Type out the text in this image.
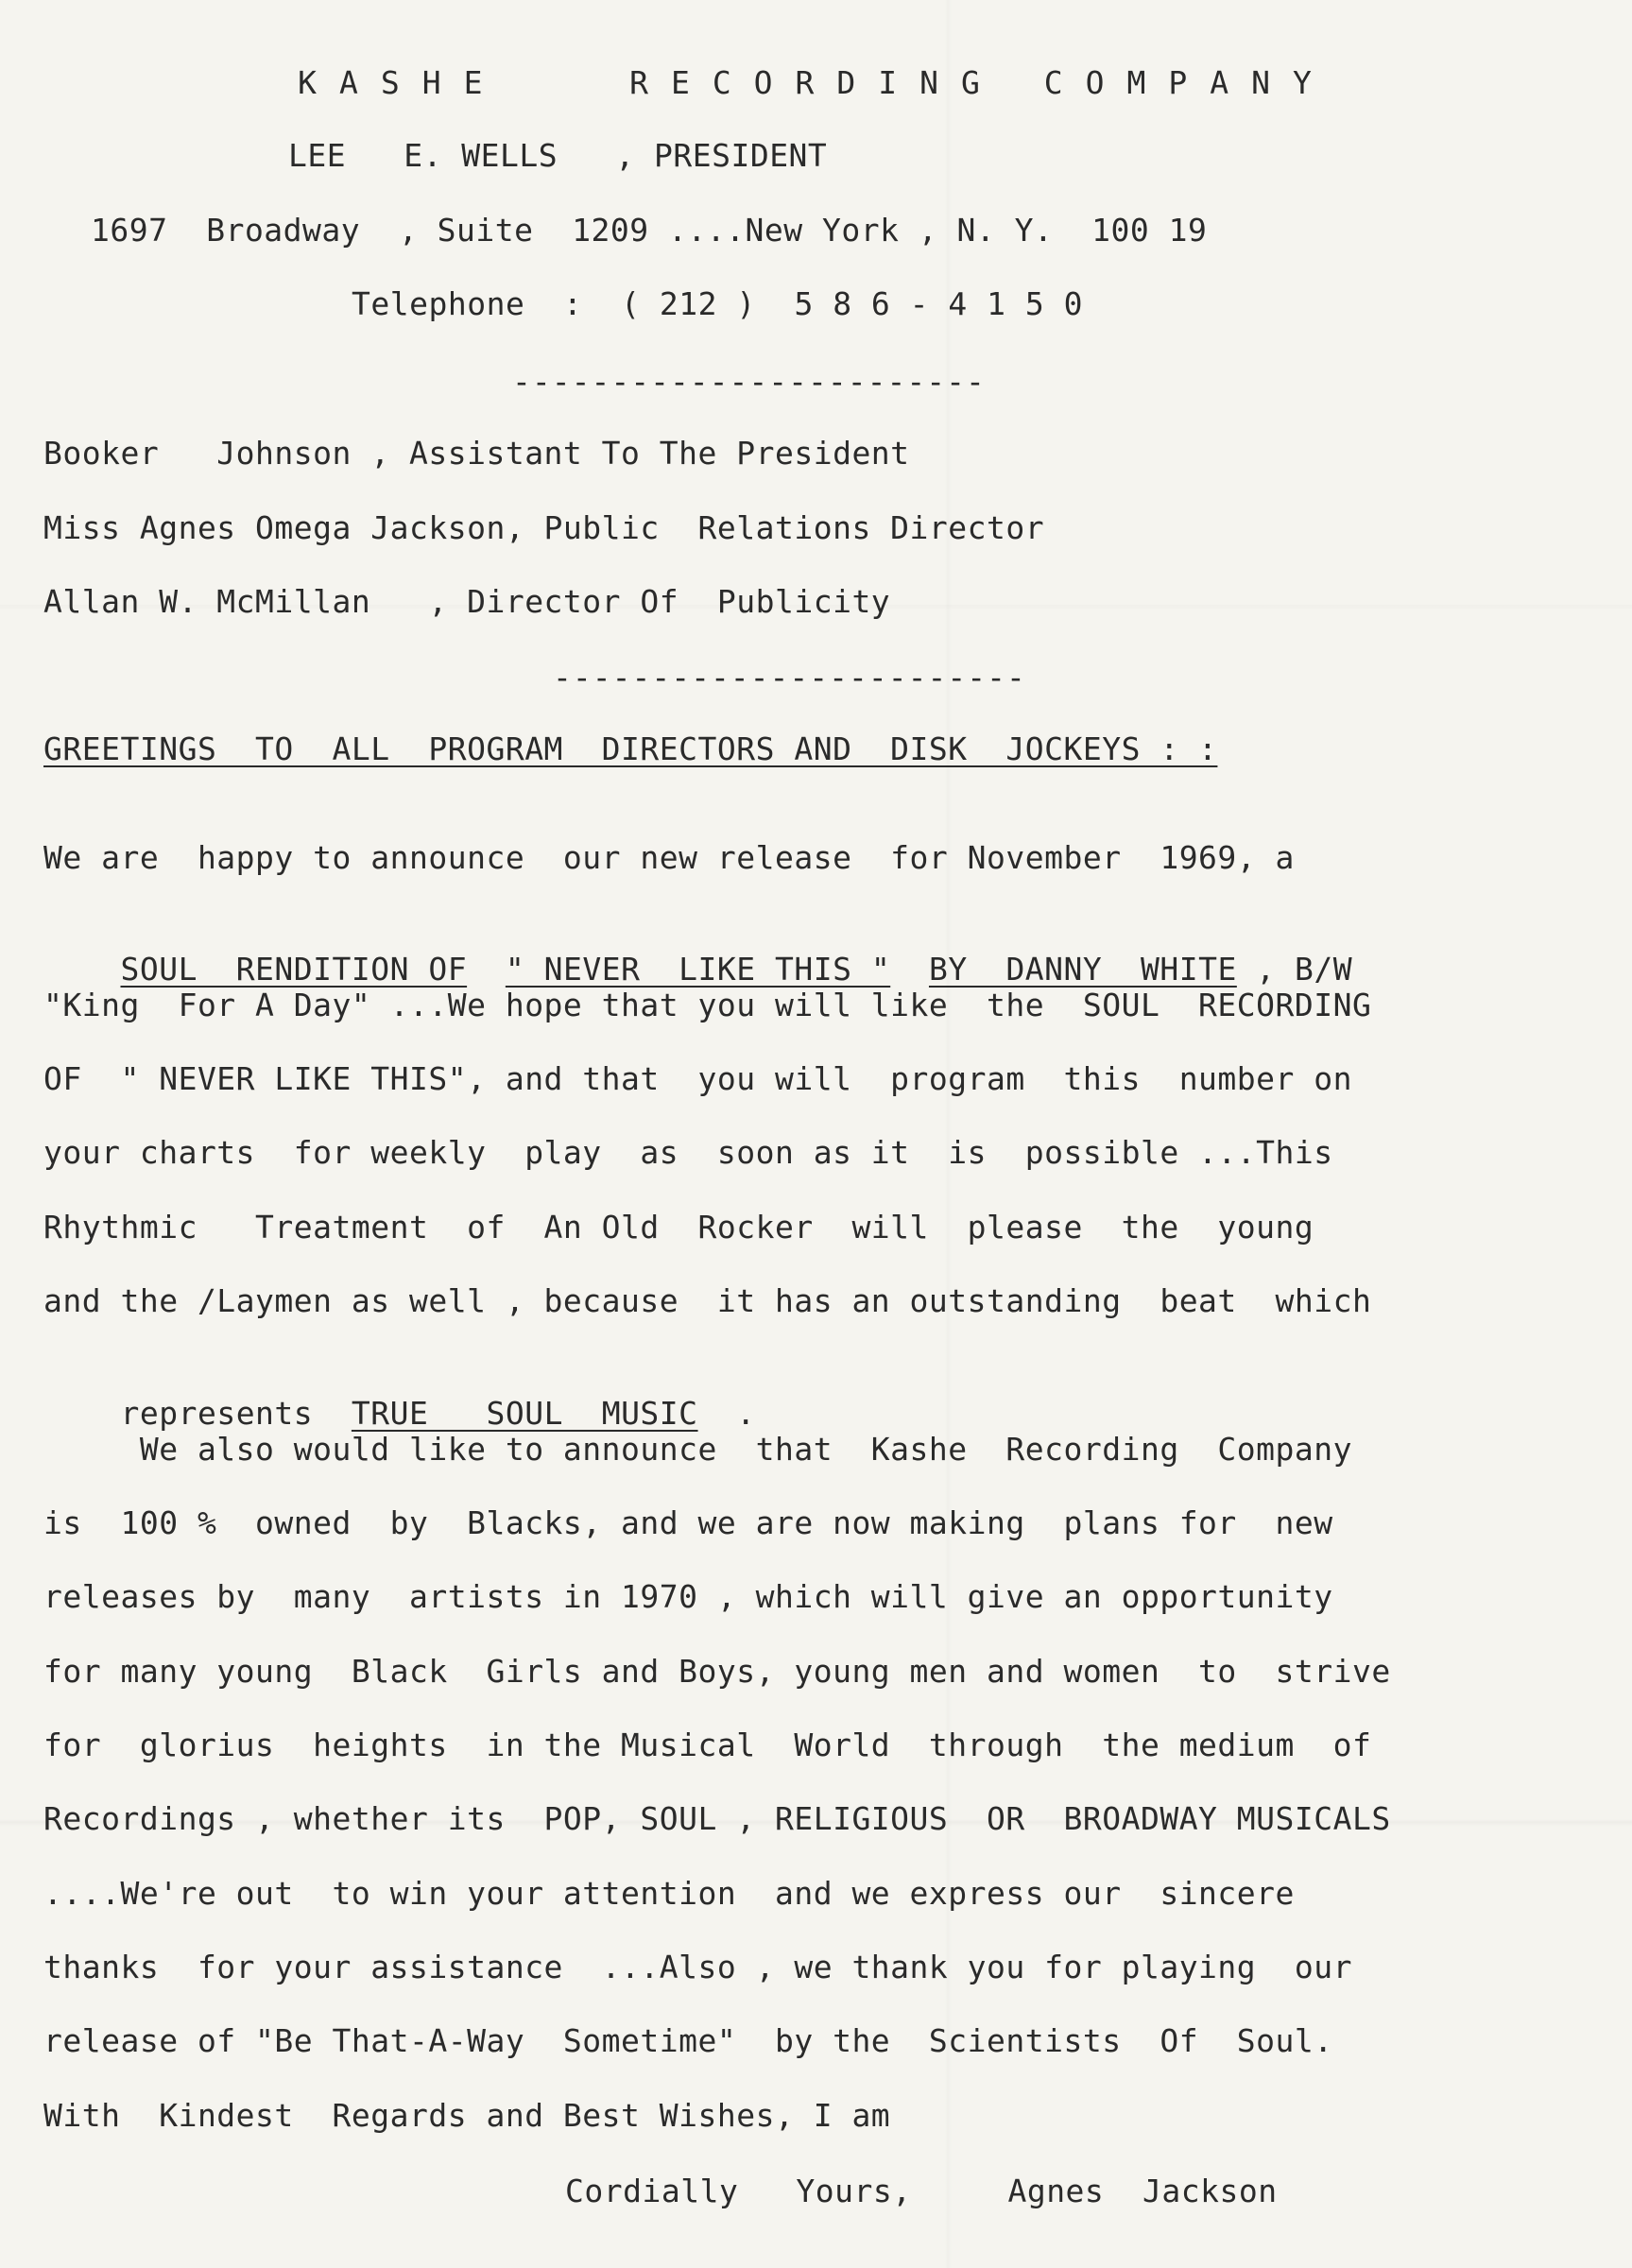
KASHE   RECORDING COMPANY
LEE   E. WELLS   , PRESIDENT
1697  Broadway  , Suite  1209 ....New York , N. Y.  100 19
Telephone  :  ( 212 )  5 8 6 - 4 1 5 0
------------------------
Booker   Johnson , Assistant To The President
Miss Agnes Omega Jackson, Public  Relations Director
Allan W. McMillan   , Director Of  Publicity
------------------------
GREETINGS  TO  ALL  PROGRAM  DIRECTORS AND  DISK  JOCKEYS : :
We are  happy to announce  our new release  for November  1969, a

SOUL  RENDITION OF " NEVER  LIKE THIS " BY  DANNY  WHITE , B/W

"King  For A Day" ...We hope that you will like  the  SOUL  RECORDING
OF  " NEVER LIKE THIS", and that  you will  program  this  number on
your charts  for weekly  play  as  soon as it  is  possible ...This
Rhythmic   Treatment  of  An Old  Rocker  will  please  the  young
and the /Laymen as well , because  it has an outstanding  beat  which

represents TRUE   SOUL  MUSIC .

We also would like to announce  that  Kashe  Recording  Company
is  100 %  owned  by  Blacks, and we are now making  plans for  new
releases by  many  artists in 1970 , which will give an opportunity
for many young  Black  Girls and Boys, young men and women  to  strive
for  glorius  heights  in the Musical  World  through  the medium  of
Recordings , whether its  POP, SOUL , RELIGIOUS  OR  BROADWAY MUSICALS
....We're out  to win your attention  and we express our  sincere
thanks  for your assistance  ...Also , we thank you for playing  our
release of "Be That-A-Way  Sometime"  by the  Scientists  Of  Soul.
With  Kindest  Regards and Best Wishes, I am
Cordially   Yours,     Agnes  Jackson
